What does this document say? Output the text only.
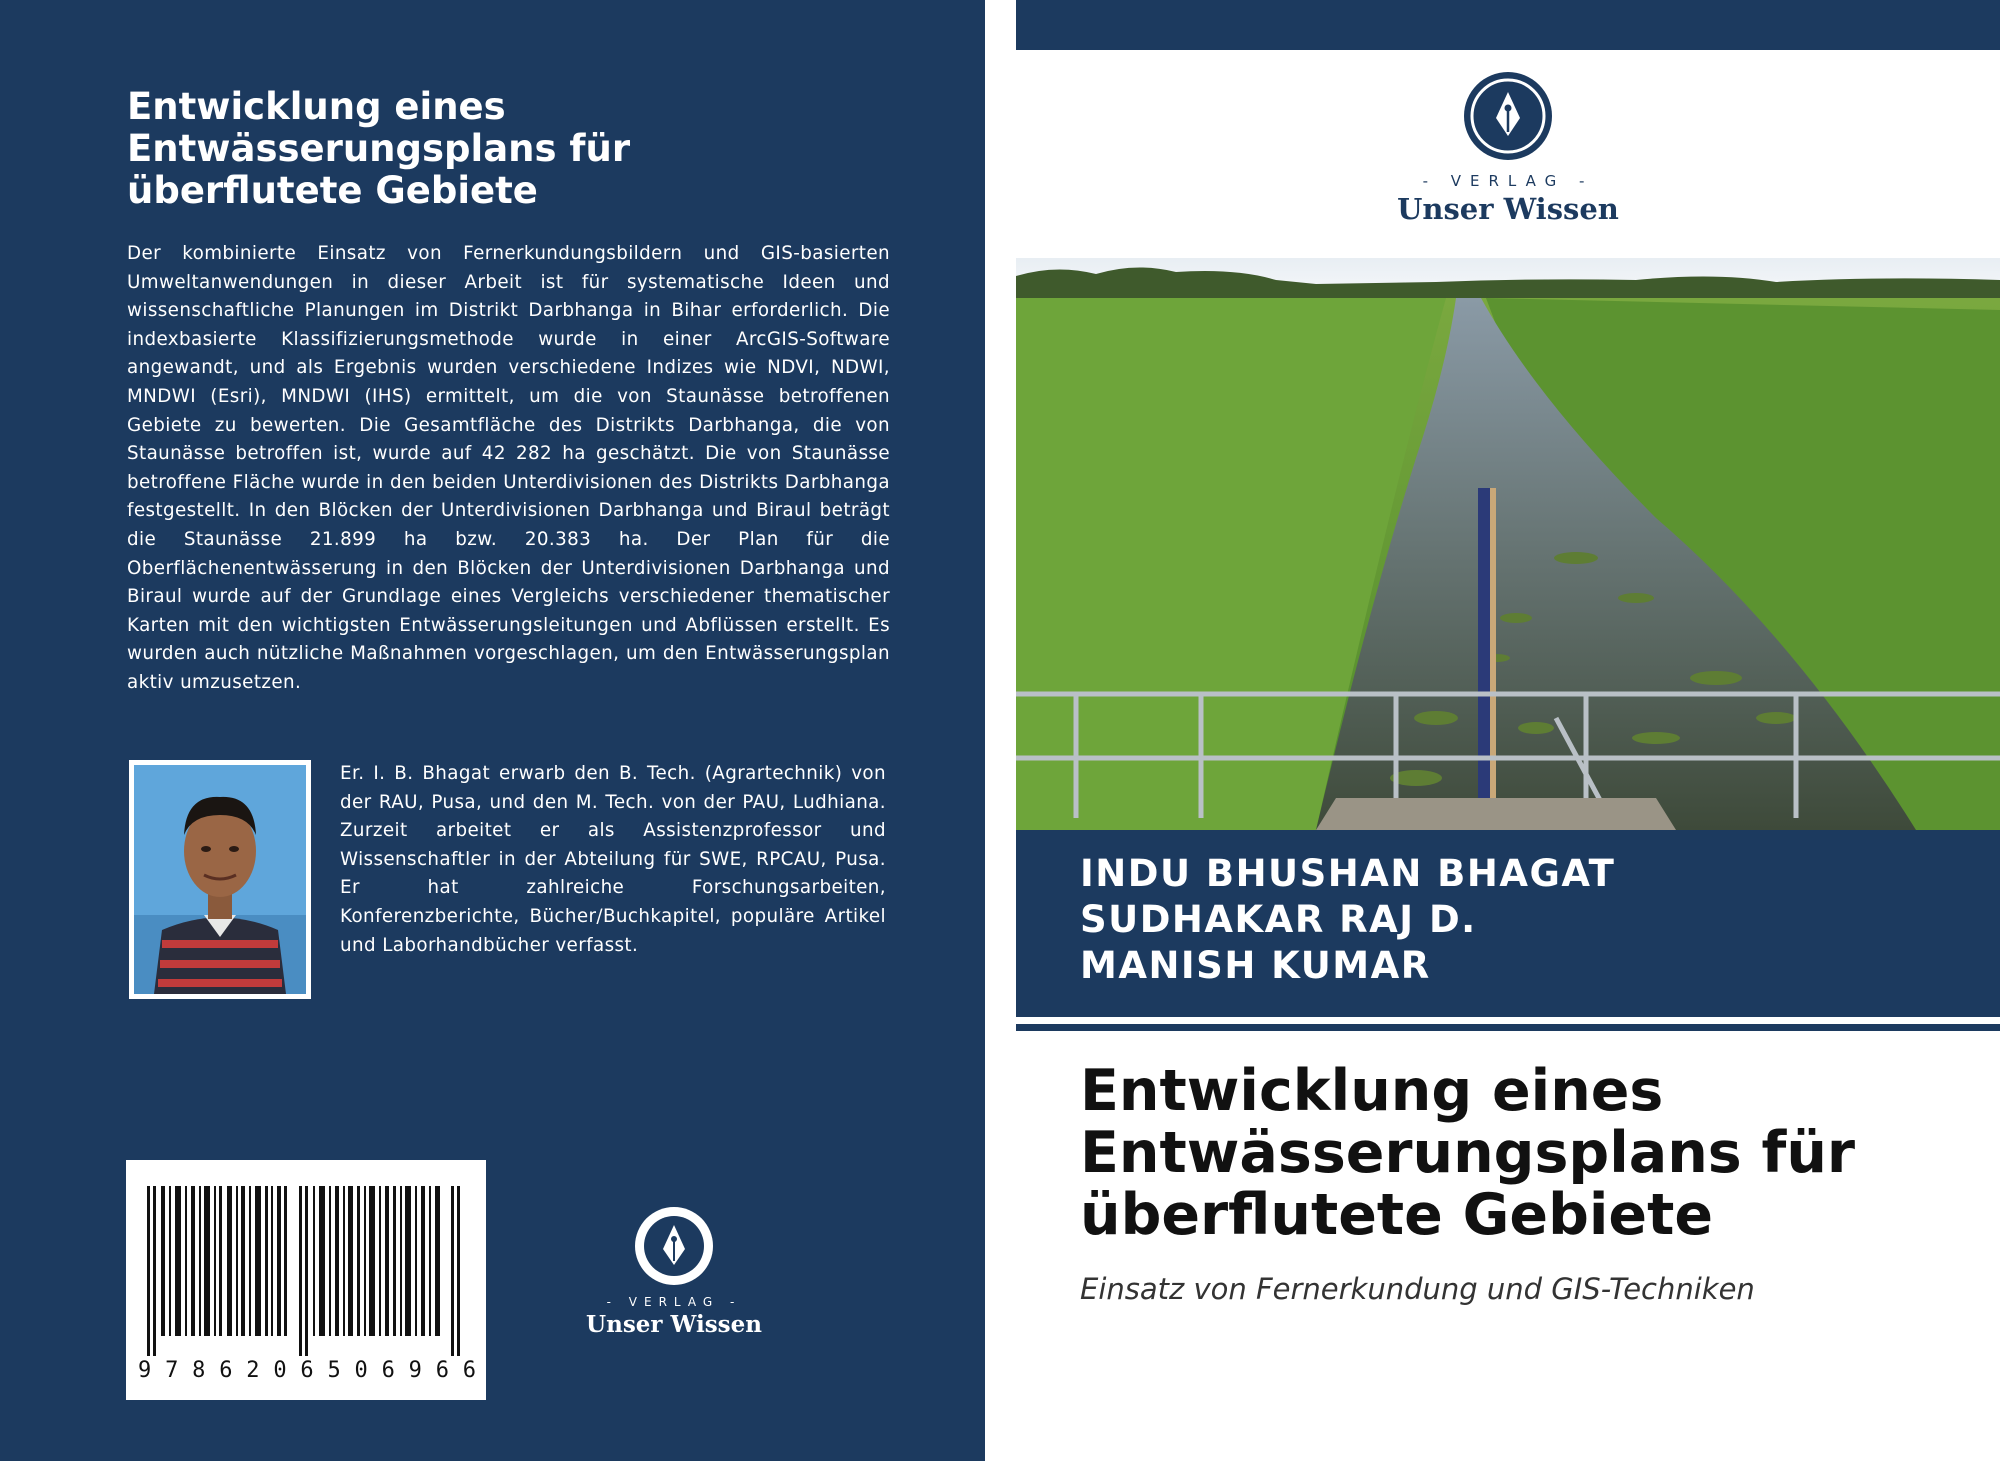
Entwicklung eines Entwässerungsplans für überflutete Gebiete
Der kombinierte Einsatz von Fernerkundungsbildern und GIS-basierten Umweltanwendungen in dieser Arbeit ist für systematische Ideen und wissenschaftliche Planungen im Distrikt Darbhanga in Bihar erforderlich. Die indexbasierte Klassifizierungsmethode wurde in einer ArcGIS-Software angewandt, und als Ergebnis wurden verschiedene Indizes wie NDVI, NDWI, MNDWI (Esri), MNDWI (IHS) ermittelt, um die von Staunässe betroffenen Gebiete zu bewerten. Die Gesamtfläche des Distrikts Darbhanga, die von Staunässe betroffen ist, wurde auf 42 282 ha geschätzt. Die von Staunässe betroffene Fläche wurde in den beiden Unterdivisionen des Distrikts Darbhanga festgestellt. In den Blöcken der Unterdivisionen Darbhanga und Biraul beträgt die Staunässe 21.899 ha bzw. 20.383 ha. Der Plan für die Oberflächenentwässerung in den Blöcken der Unterdivisionen Darbhanga und Biraul wurde auf der Grundlage eines Vergleichs verschiedener thematischer Karten mit den wichtigsten Entwässerungsleitungen und Abflüssen erstellt. Es wurden auch nützliche Maßnahmen vorgeschlagen, um den Entwässerungsplan aktiv umzusetzen.
Er. I. B. Bhagat erwarb den B. Tech. (Agrartechnik) von der RAU, Pusa, und den M. Tech. von der PAU, Ludhiana. Zurzeit arbeitet er als Assistenzprofessor und Wissenschaftler in der Abteilung für SWE, RPCAU, Pusa. Er hat zahlreiche Forschungsarbeiten, Konferenzberichte, Bücher/Buchkapitel, populäre Artikel und Laborhandbücher verfasst.
9 7 8 6 2 0 6 5 0 6 9 6 6
- VERLAG -
Unser Wissen
- VERLAG -
Unser Wissen
INDU BHUSHAN BHAGAT
SUDHAKAR RAJ D.
MANISH KUMAR
Entwicklung eines Entwässerungsplans für überflutete Gebiete
Einsatz von Fernerkundung und GIS-Techniken
